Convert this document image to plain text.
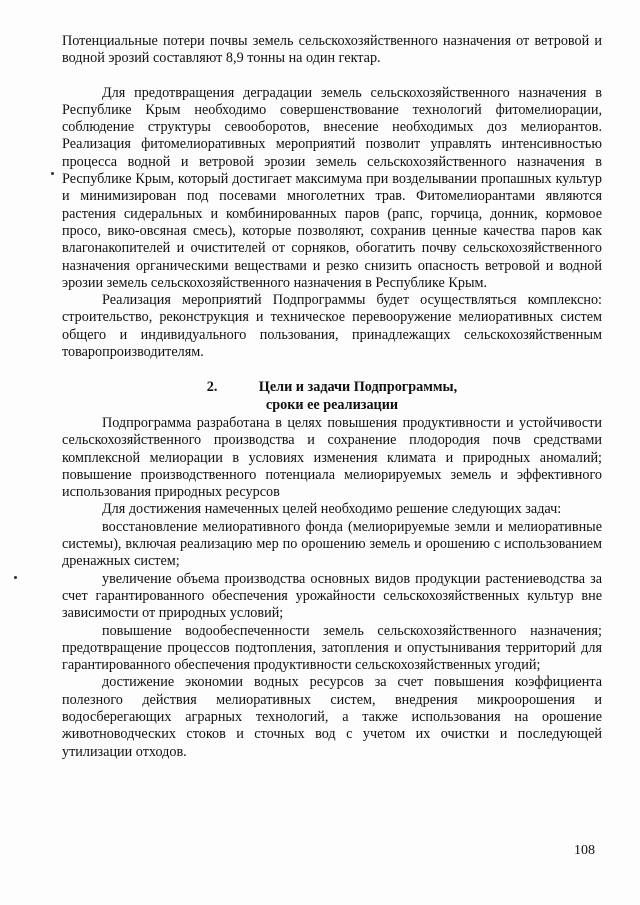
Потенциальные потери почвы земель сельскохозяйственного назначения от ветровой и водной эрозий составляют 8,9 тонны на один гектар.

Для предотвращения деградации земель сельскохозяйственного назначения в Республике Крым необходимо совершенствование технологий фитомелиорации, соблюдение структуры севооборотов, внесение необходимых доз мелиорантов. Реализация фитомелиоративных мероприятий позволит управлять интенсивностью процесса водной и ветровой эрозии земель сельскохозяйственного назначения в Республике Крым, который достигает максимума при возделывании пропашных культур и минимизирован под посевами многолетних трав. Фитомелиорантами являются растения сидеральных и комбинированных паров (рапс, горчица, донник, кормовое просо, вико-овсяная смесь), которые позволяют, сохранив ценные качества паров как влагонакопителей и очистителей от сорняков, обогатить почву сельскохозяйственного назначения органическими веществами и резко снизить опасность ветровой и водной эрозии земель сельскохозяйственного назначения в Республике Крым.

Реализация мероприятий Подпрограммы будет осуществляться комплексно: строительство, реконструкция и техническое перевооружение мелиоративных систем общего и индивидуального пользования, принадлежащих сельскохозяйственным товаропроизводителям.

2.	Цели и задачи Подпрограммы,
сроки ее реализации

Подпрограмма разработана в целях повышения продуктивности и устойчивости сельскохозяйственного производства и сохранение плодородия почв средствами комплексной мелиорации в условиях изменения климата и природных аномалий; повышение производственного потенциала мелиорируемых земель и эффективного использования природных ресурсов

Для достижения намеченных целей необходимо решение следующих задач:

восстановление мелиоративного фонда (мелиорируемые земли и мелиоративные системы), включая реализацию мер по орошению земель и орошению с использованием дренажных систем;

увеличение объема производства основных видов продукции растениеводства за счет гарантированного обеспечения урожайности сельскохозяйственных культур вне зависимости от природных условий;

повышение водообеспеченности земель сельскохозяйственного назначения; предотвращение процессов подтопления, затопления и опустынивания территорий для гарантированного обеспечения продуктивности сельскохозяйственных угодий;

достижение экономии водных ресурсов за счет повышения коэффициента полезного действия мелиоративных систем, внедрения микроорошения и водосберегающих аграрных технологий, а также использования на орошение животноводческих стоков и сточных вод с учетом их очистки и последующей утилизации отходов.

108
